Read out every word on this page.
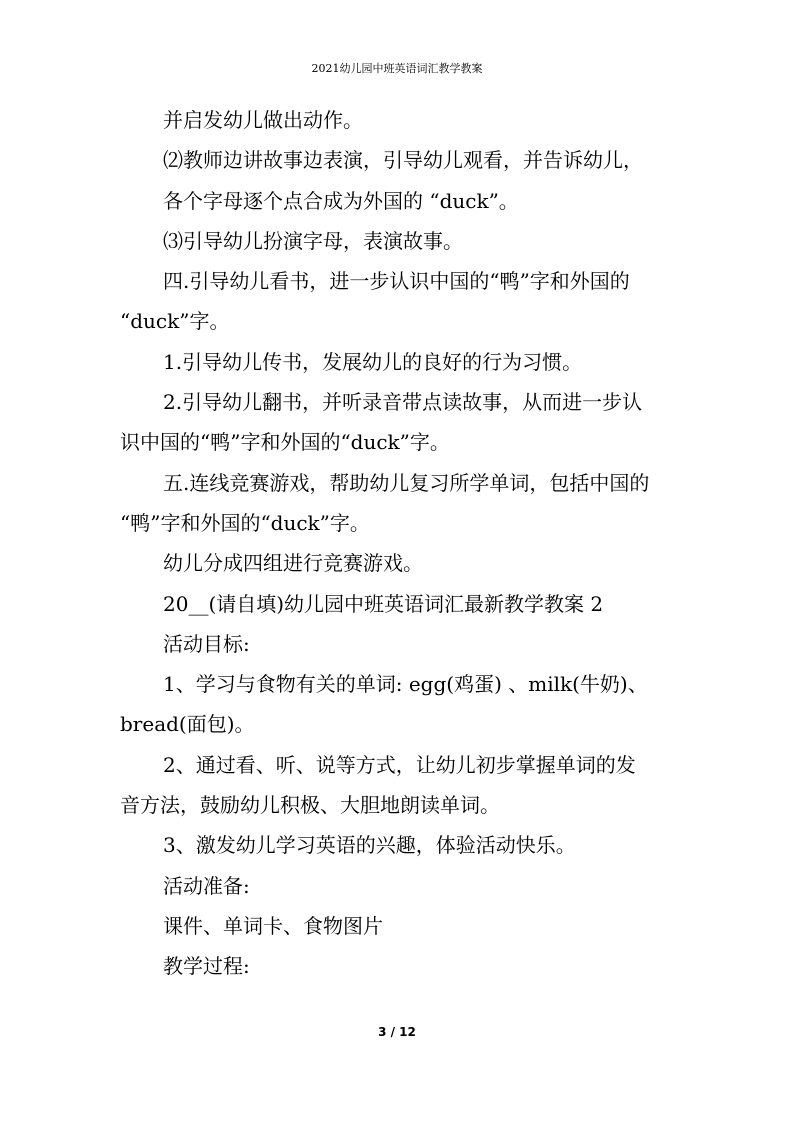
2021幼儿园中班英语词汇教学教案

并启发幼儿做出动作。

⑵教师边讲故事边表演，引导幼儿观看，并告诉幼儿，

各个字母逐个点合成为外国的 “duck”。

⑶引导幼儿扮演字母，表演故事。

四.引导幼儿看书，进一步认识中国的“鸭”字和外国的

“duck”字。

1.引导幼儿传书，发展幼儿的良好的行为习惯。

2.引导幼儿翻书，并听录音带点读故事，从而进一步认

识中国的“鸭”字和外国的“duck”字。

五.连线竞赛游戏，帮助幼儿复习所学单词，包括中国的

“鸭”字和外国的“duck”字。

幼儿分成四组进行竞赛游戏。

20__(请自填)幼儿园中班英语词汇最新教学教案 2

活动目标:

1、学习与食物有关的单词: egg(鸡蛋) 、milk(牛奶)、

bread(面包)。

2、通过看、听、说等方式，让幼儿初步掌握单词的发

音方法，鼓励幼儿积极、大胆地朗读单词。

3、激发幼儿学习英语的兴趣，体验活动快乐。

活动准备:

课件、单词卡、食物图片

教学过程:

3 / 12
